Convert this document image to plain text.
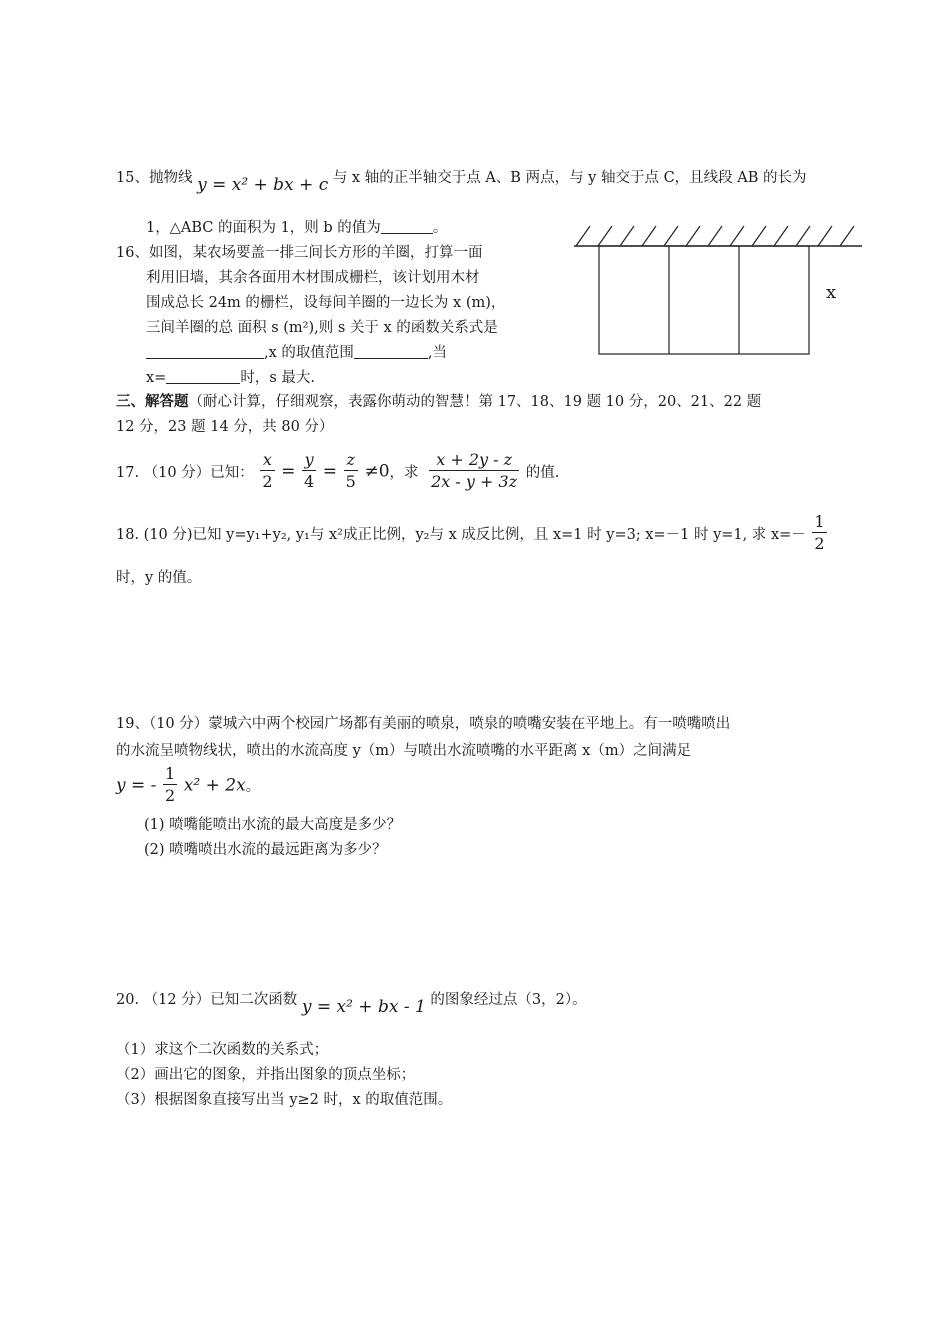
15、抛物线 y = x² + bx + c 与 x 轴的正半轴交于点 A、B 两点，与 y 轴交于点 C，且线段 AB 的长为
1，△ABC 的面积为 1，则 b 的值为	。
16、如图，某农场要盖一排三间长方形的羊圈，打算一面
利用旧墙，其余各面用木材围成栅栏，该计划用木材
围成总长 24m 的栅栏，设每间羊圈的一边长为 x (m)，
三间羊圈的总 面积 s (m²),则 s 关于 x 的函数关系式是
,x 的取值范围	,当
x=	时，s 最大.
x
三、解答题（耐心计算，仔细观察，表露你萌动的智慧！第 17、18、19 题 10 分，20、21、22 题
12 分，23 题 14 分，共 80 分）
17. （10 分）已知： $\frac{x}{2} = \frac{y}{4} = \frac{z}{5} \ne 0$，求 $\frac{x + 2y - z}{2x - y + 3z}$ 的值.
18. (10 分)已知 y=y₁+y₂, y₁与 x²成正比例，y₂与 x 成反比例，且 x=1 时 y=3; x=－1 时 y=1, 求 $x=- \frac{1}{2}$
时，y 的值。
19、（10 分）蒙城六中两个校园广场都有美丽的喷泉，喷泉的喷嘴安装在平地上。有一喷嘴喷出
的水流呈喷物线状，喷出的水流高度 y（m）与喷出水流喷嘴的水平距离 x（m）之间满足
y = - $\frac{1}{2} x^2 + 2x$。
(1) 喷嘴能喷出水流的最大高度是多少？
(2) 喷嘴喷出水流的最远距离为多少？
20. （12 分）已知二次函数 y = x² + bx - 1 的图象经过点（3，2）。
（1）求这个二次函数的关系式；
（2）画出它的图象，并指出图象的顶点坐标；
（3）根据图象直接写出当 y≥2 时，x 的取值范围。
